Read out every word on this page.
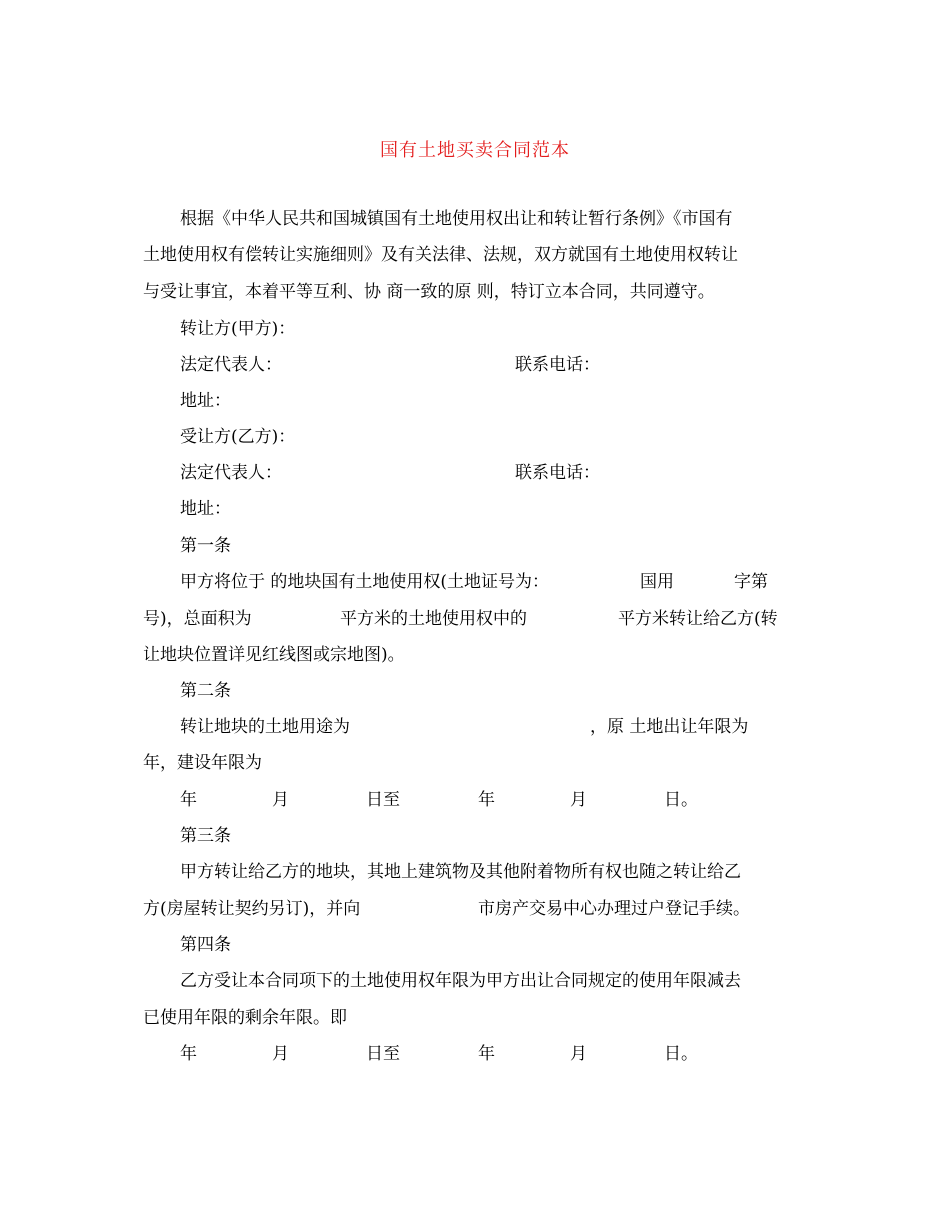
国有土地买卖合同范本
根据《中华人民共和国城镇国有土地使用权出让和转让暂行条例》《市国有
土地使用权有偿转让实施细则》及有关法律、法规，双方就国有土地使用权转让
与受让事宜，本着平等互利、协 商一致的原 则，特订立本合同，共同遵守。
转让方(甲方)：
法定代表人：	联系电话：
地址：
受让方(乙方)：
法定代表人：	联系电话：
地址：
第一条
甲方将位于 的地块国有土地使用权(土地证号为：	国用	字第
号)，总面积为	平方米的土地使用权中的	平方米转让给乙方(转
让地块位置详见红线图或宗地图)。
第二条
转让地块的土地用途为	，原 土地出让年限为
年，建设年限为
年	月	日至	年	月	日。
第三条
甲方转让给乙方的地块，其地上建筑物及其他附着物所有权也随之转让给乙
方(房屋转让契约另订)，并向	市房产交易中心办理过户登记手续。
第四条
乙方受让本合同项下的土地使用权年限为甲方出让合同规定的使用年限减去
已使用年限的剩余年限。即
年	月	日至	年	月	日。
